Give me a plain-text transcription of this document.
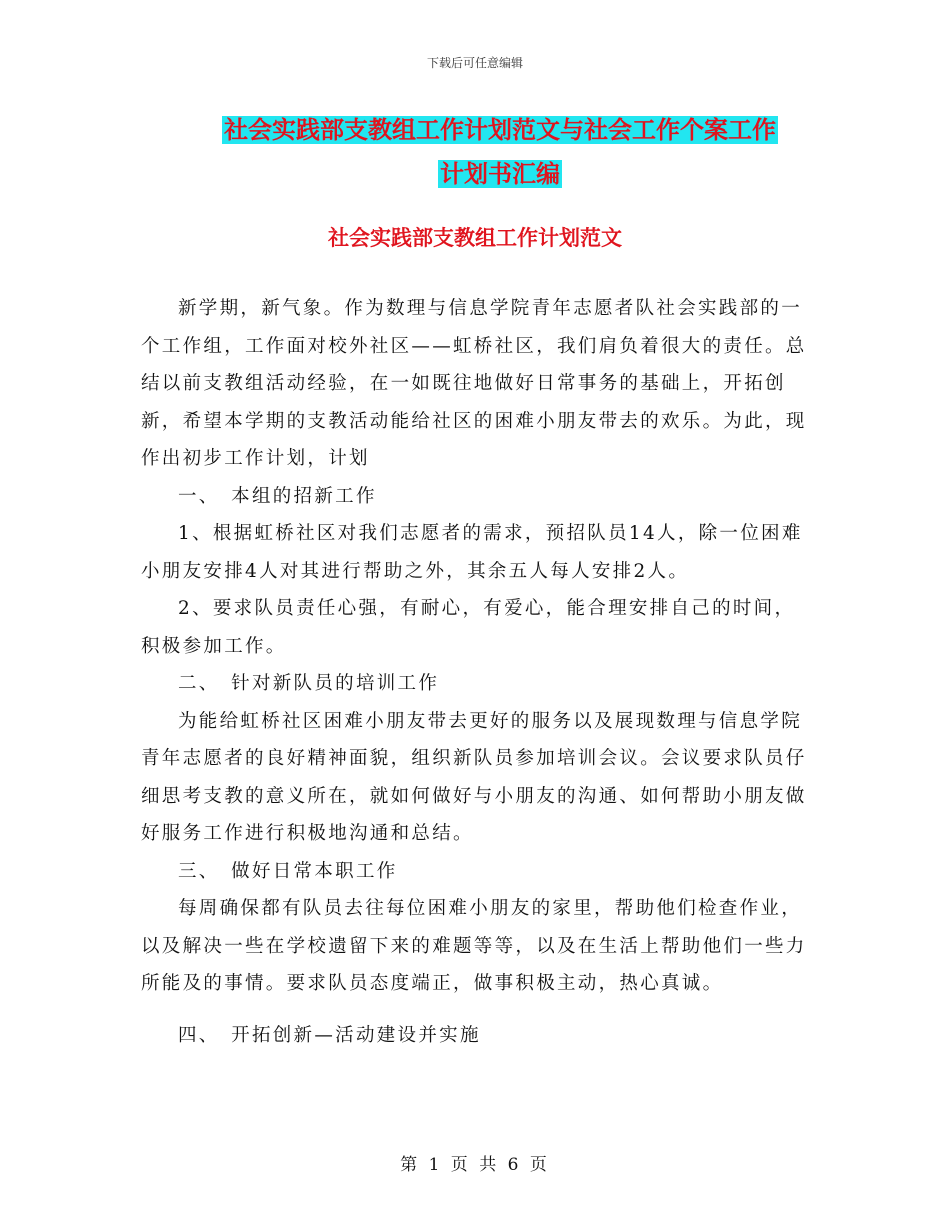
下载后可任意编辑
社会实践部支教组工作计划范文与社会工作个案工作
计划书汇编
社会实践部支教组工作计划范文

新学期，新气象。作为数理与信息学院青年志愿者队社会实践部的一个工作组，工作面对校外社区——虹桥社区，我们肩负着很大的责任。总结以前支教组活动经验，在一如既往地做好日常事务的基础上，开拓创新，希望本学期的支教活动能给社区的困难小朋友带去的欢乐。为此，现作出初步工作计划，计划

一、　本组的招新工作

1、根据虹桥社区对我们志愿者的需求，预招队员14人，除一位困难小朋友安排4人对其进行帮助之外，其余五人每人安排2人。

2、要求队员责任心强，有耐心，有爱心，能合理安排自己的时间，积极参加工作。

二、　针对新队员的培训工作

为能给虹桥社区困难小朋友带去更好的服务以及展现数理与信息学院青年志愿者的良好精神面貌，组织新队员参加培训会议。会议要求队员仔细思考支教的意义所在，就如何做好与小朋友的沟通、如何帮助小朋友做好服务工作进行积极地沟通和总结。

三、　做好日常本职工作

每周确保都有队员去往每位困难小朋友的家里，帮助他们检查作业，以及解决一些在学校遗留下来的难题等等，以及在生活上帮助他们一些力所能及的事情。要求队员态度端正，做事积极主动，热心真诚。

四、　开拓创新—活动建设并实施

第 1 页 共 6 页
